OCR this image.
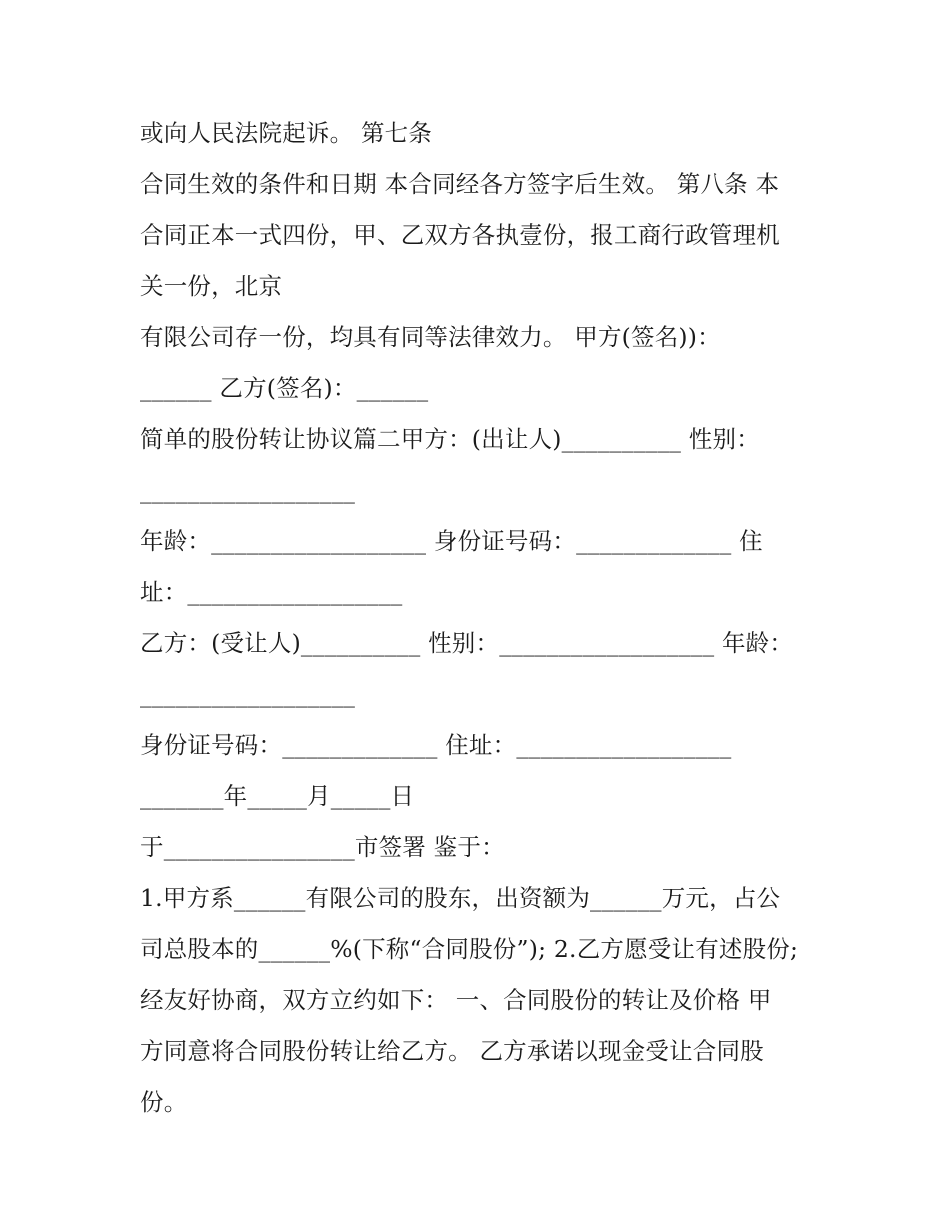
或向人民法院起诉。 第七条
合同生效的条件和日期 本合同经各方签字后生效。 第八条 本
合同正本一式四份，甲、乙双方各执壹份，报工商行政管理机
关一份，北京
有限公司存一份，均具有同等法律效力。 甲方(签名))：
______ 乙方(签名)：______
简单的股份转让协议篇二甲方：(出让人)__________ 性别：
__________________
年龄：__________________ 身份证号码：_____________ 住
址：__________________
乙方：(受让人)__________ 性别：__________________ 年龄：
__________________
身份证号码：_____________ 住址：__________________
_______年_____月_____日
于________________市签署 鉴于：
1.甲方系______有限公司的股东，出资额为______万元，占公
司总股本的______%(下称“合同股份”); 2.乙方愿受让有述股份;
经友好协商，双方立约如下： 一、合同股份的转让及价格 甲
方同意将合同股份转让给乙方。 乙方承诺以现金受让合同股
份。
